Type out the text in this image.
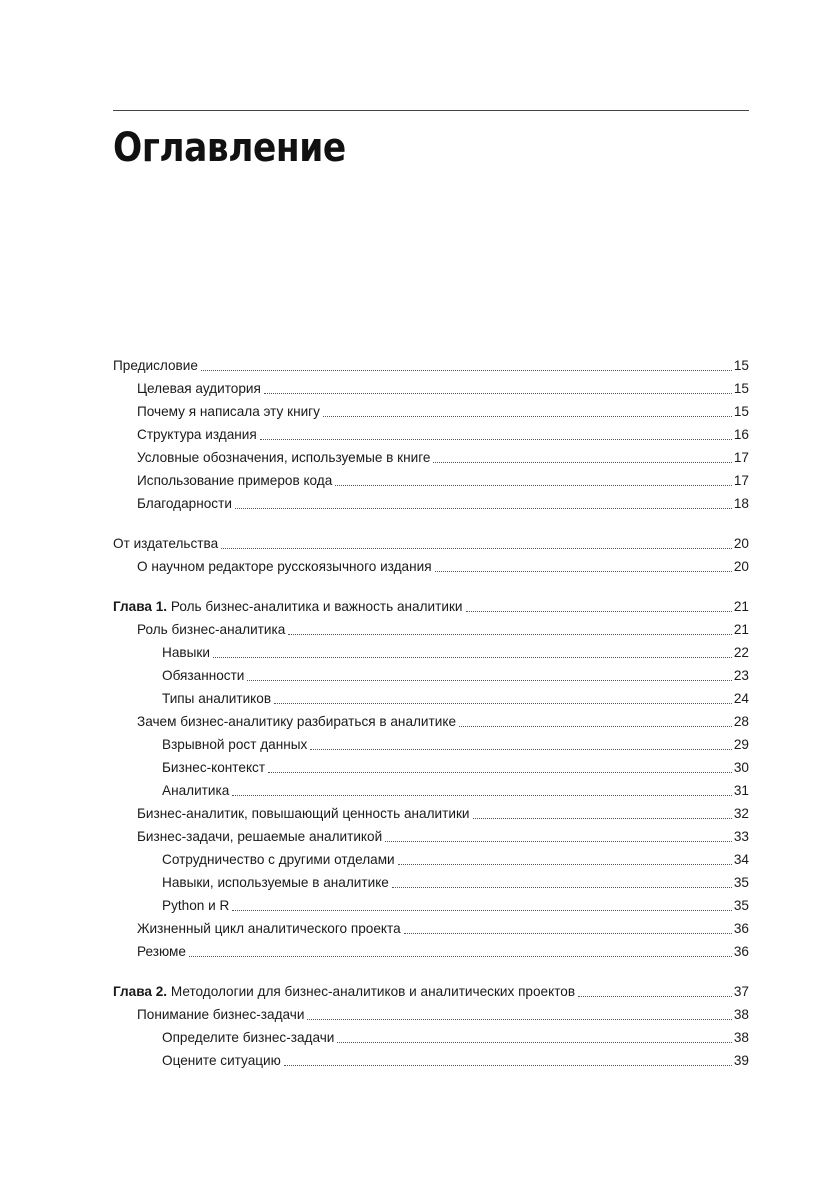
Оглавление
Предисловие	15
Целевая аудитория	15
Почему я написала эту книгу	15
Структура издания	16
Условные обозначения, используемые в книге	17
Использование примеров кода	17
Благодарности	18
От издательства	20
О научном редакторе русскоязычного издания	20
Глава 1. Роль бизнес-аналитика и важность аналитики	21
Роль бизнес-аналитика	21
Навыки	22
Обязанности	23
Типы аналитиков	24
Зачем бизнес-аналитику разбираться в аналитике	28
Взрывной рост данных	29
Бизнес-контекст	30
Аналитика	31
Бизнес-аналитик, повышающий ценность аналитики	32
Бизнес-задачи, решаемые аналитикой	33
Сотрудничество с другими отделами	34
Навыки, используемые в аналитике	35
Python и R	35
Жизненный цикл аналитического проекта	36
Резюме	36
Глава 2. Методологии для бизнес-аналитиков и аналитических проектов	37
Понимание бизнес-задачи	38
Определите бизнес-задачи	38
Оцените ситуацию	39
